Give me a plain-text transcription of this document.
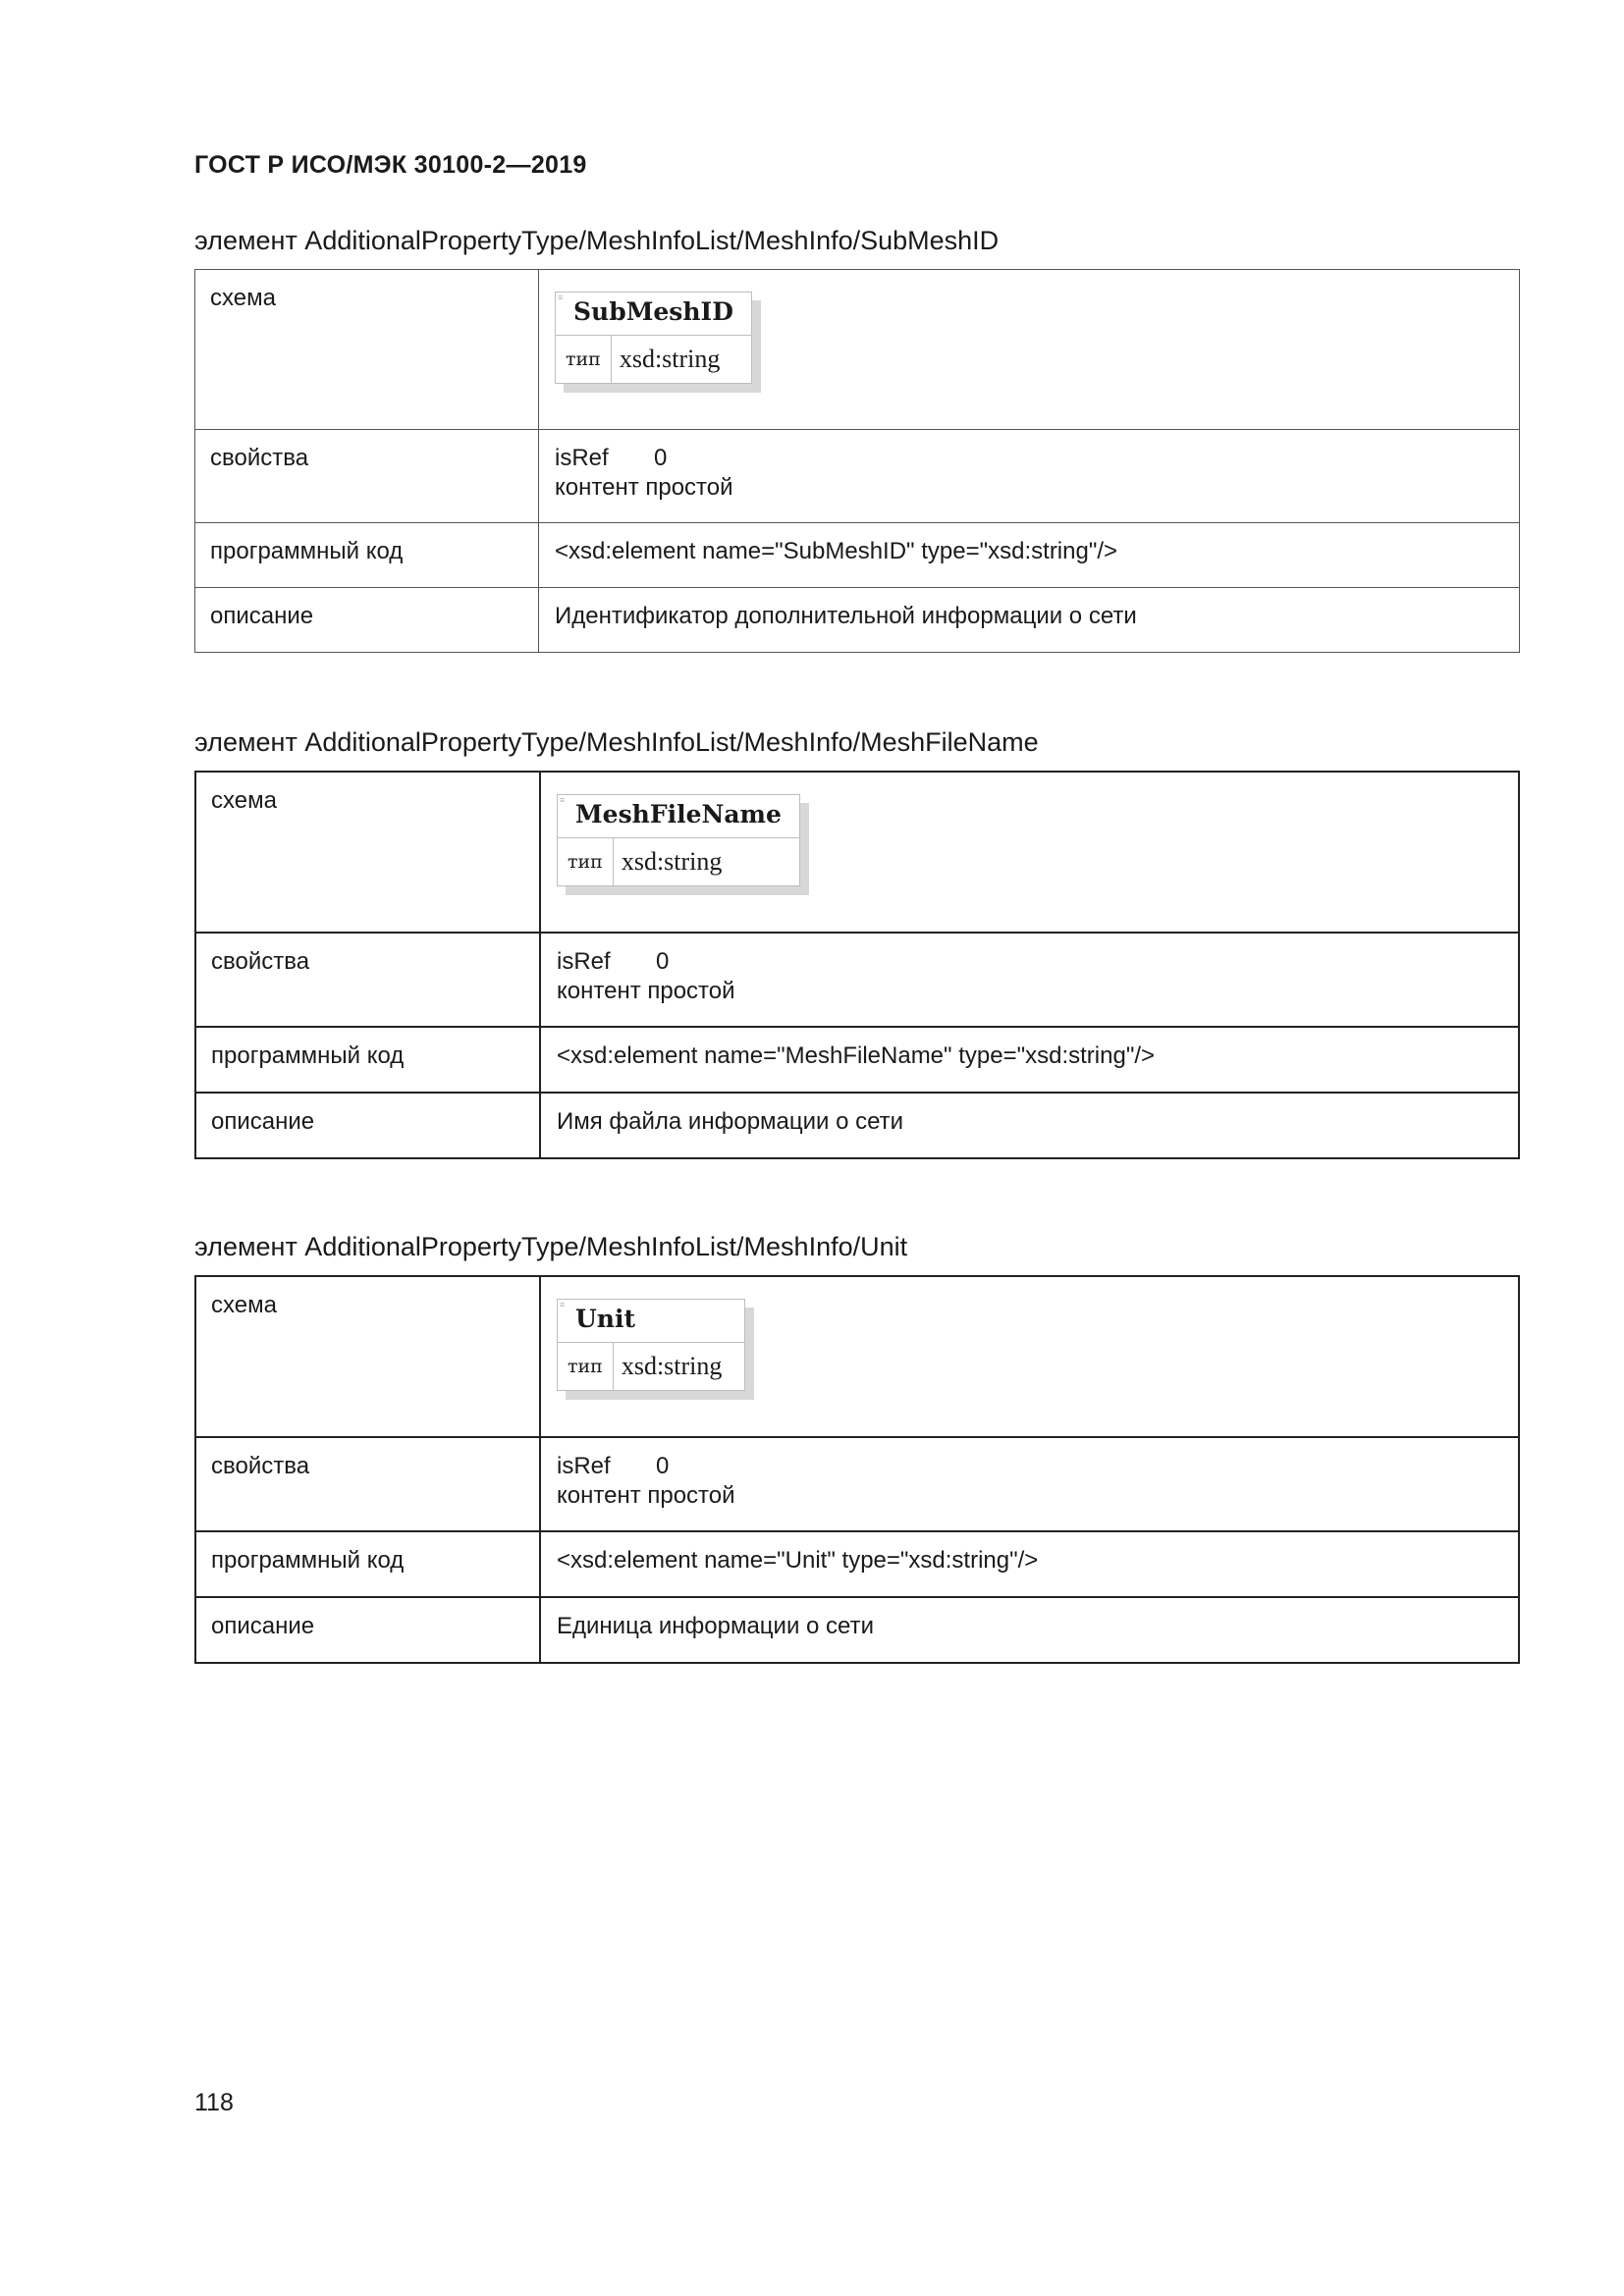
ГОСТ Р ИСО/МЭК 30100-2—2019
элемент AdditionalPropertyType/MeshInfoList/MeshInfo/SubMeshID
схема	≡ SubMeshID
тип xsd:string

свойства	isRef 0
контент простой

программный код	<xsd:element name="SubMeshID" type="xsd:string"/>
описание	Идентификатор дополнительной информации о сети
элемент AdditionalPropertyType/MeshInfoList/MeshInfo/MeshFileName
схема	≡ MeshFileName
тип xsd:string

свойства	isRef 0
контент простой

программный код	<xsd:element name="MeshFileName" type="xsd:string"/>
описание	Имя файла информации о сети
элемент AdditionalPropertyType/MeshInfoList/MeshInfo/Unit
схема	≡ Unit
тип xsd:string

свойства	isRef 0
контент простой

программный код	<xsd:element name="Unit" type="xsd:string"/>
описание	Единица информации о сети
118
